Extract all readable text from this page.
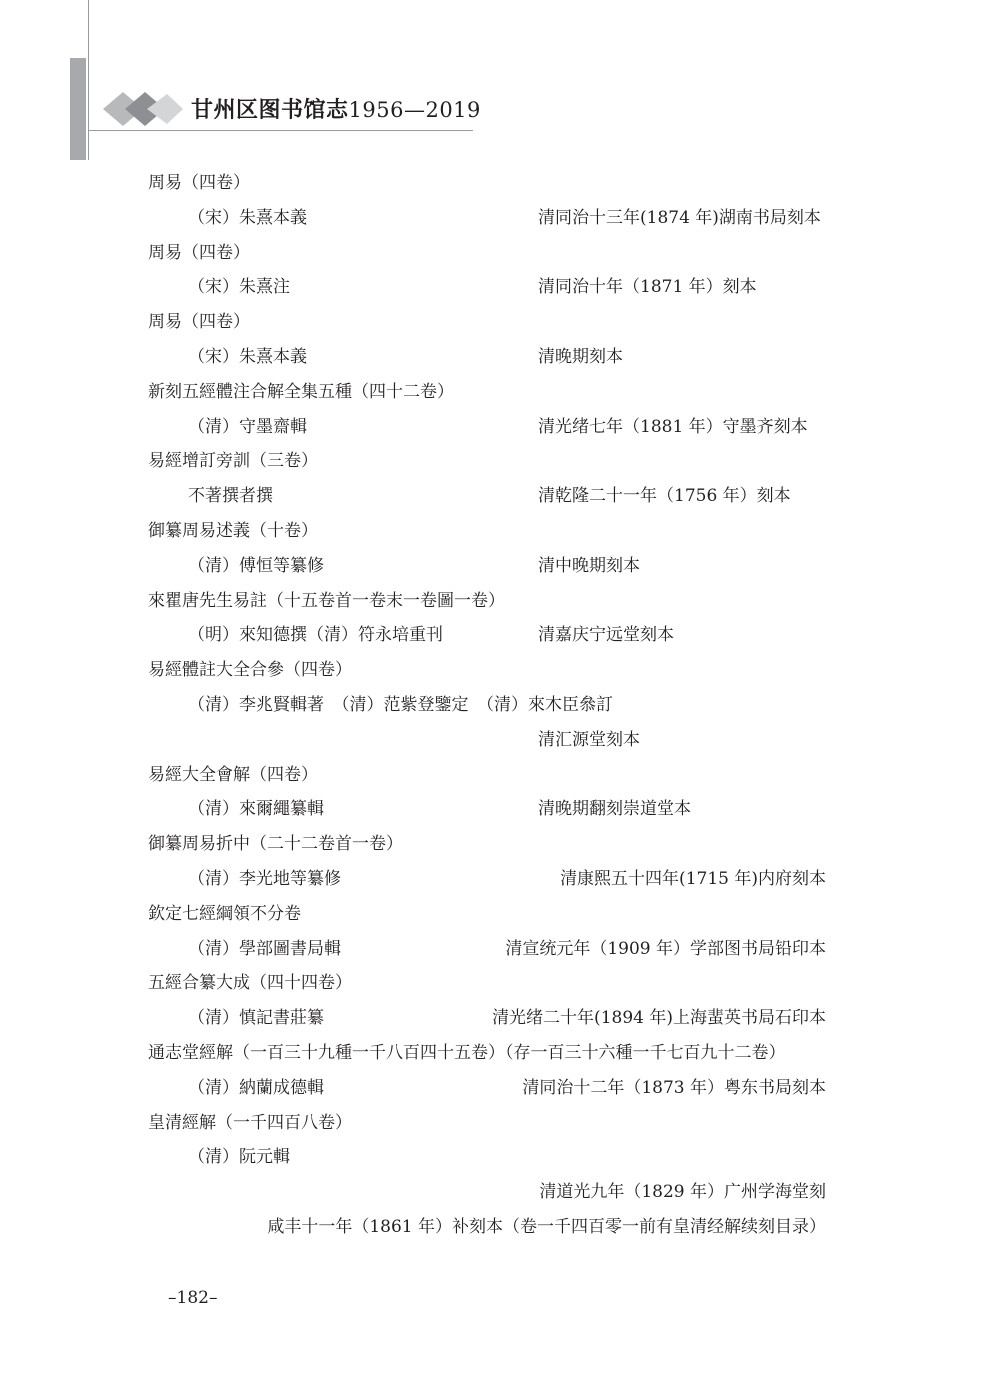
甘州区图书馆志1956—2019
周易（四卷）
（宋）朱熹本義	清同治十三年(1874 年)湖南书局刻本
周易（四卷）
（宋）朱熹注	清同治十年（1871 年）刻本
周易（四卷）
（宋）朱熹本義	清晚期刻本
新刻五經體注合解全集五種（四十二卷）
（清）守墨齋輯	清光绪七年（1881 年）守墨齐刻本
易經增訂旁訓（三卷）
不著撰者撰	清乾隆二十一年（1756 年）刻本
御纂周易述義（十卷）
（清）傅恒等纂修	清中晚期刻本
來瞿唐先生易註（十五卷首一卷末一卷圖一卷）
（明）來知德撰（清）符永培重刊	清嘉庆宁远堂刻本
易經體註大全合參（四卷）
（清）李兆賢輯著　（清）范紫登鑒定　（清）來木臣叅訂
清汇源堂刻本
易經大全會解（四卷）
（清）來爾繩纂輯	清晚期翻刻崇道堂本
御纂周易折中（二十二卷首一卷）
（清）李光地等纂修	清康熙五十四年(1715 年)内府刻本
欽定七經綱領不分卷
（清）學部圖書局輯	清宣统元年（1909 年）学部图书局铅印本
五經合纂大成（四十四卷）
（清）慎記書莊纂	清光绪二十年(1894 年)上海蜚英书局石印本
通志堂經解（一百三十九種一千八百四十五卷）（存一百三十六種一千七百九十二卷）
（清）納蘭成德輯	清同治十二年（1873 年）粤东书局刻本
皇清經解（一千四百八卷）
（清）阮元輯
清道光九年（1829 年）广州学海堂刻
咸丰十一年（1861 年）补刻本（卷一千四百零一前有皇清经解续刻目录）
–182–
